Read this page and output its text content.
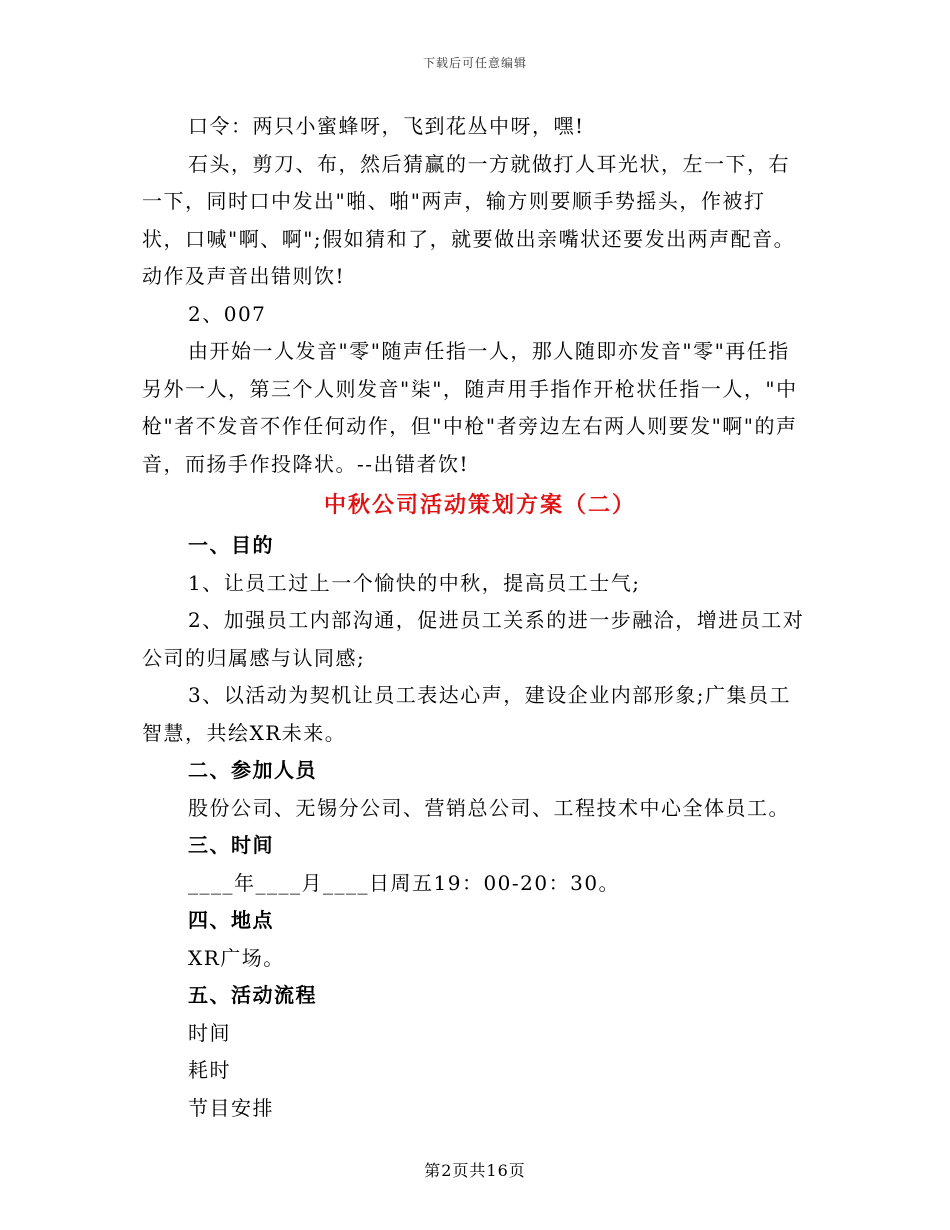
下载后可任意编辑

口令：两只小蜜蜂呀，飞到花丛中呀，嘿!

石头，剪刀、布，然后猜赢的一方就做打人耳光状，左一下，右一下，同时口中发出"啪、啪"两声，输方则要顺手势摇头，作被打状，口喊"啊、啊";假如猜和了，就要做出亲嘴状还要发出两声配音。动作及声音出错则饮!

2、007

由开始一人发音"零"随声任指一人，那人随即亦发音"零"再任指另外一人，第三个人则发音"柒"，随声用手指作开枪状任指一人，"中枪"者不发音不作任何动作，但"中枪"者旁边左右两人则要发"啊"的声音，而扬手作投降状。--出错者饮!

中秋公司活动策划方案（二）

一、目的

1、让员工过上一个愉快的中秋，提高员工士气;

2、加强员工内部沟通，促进员工关系的进一步融洽，增进员工对公司的归属感与认同感;

3、以活动为契机让员工表达心声，建设企业内部形象;广集员工智慧，共绘XR未来。

二、参加人员

股份公司、无锡分公司、营销总公司、工程技术中心全体员工。

三、时间

____年____月____日周五19：00-20：30。

四、地点

XR广场。

五、活动流程

时间

耗时

节目安排

第2页共16页
